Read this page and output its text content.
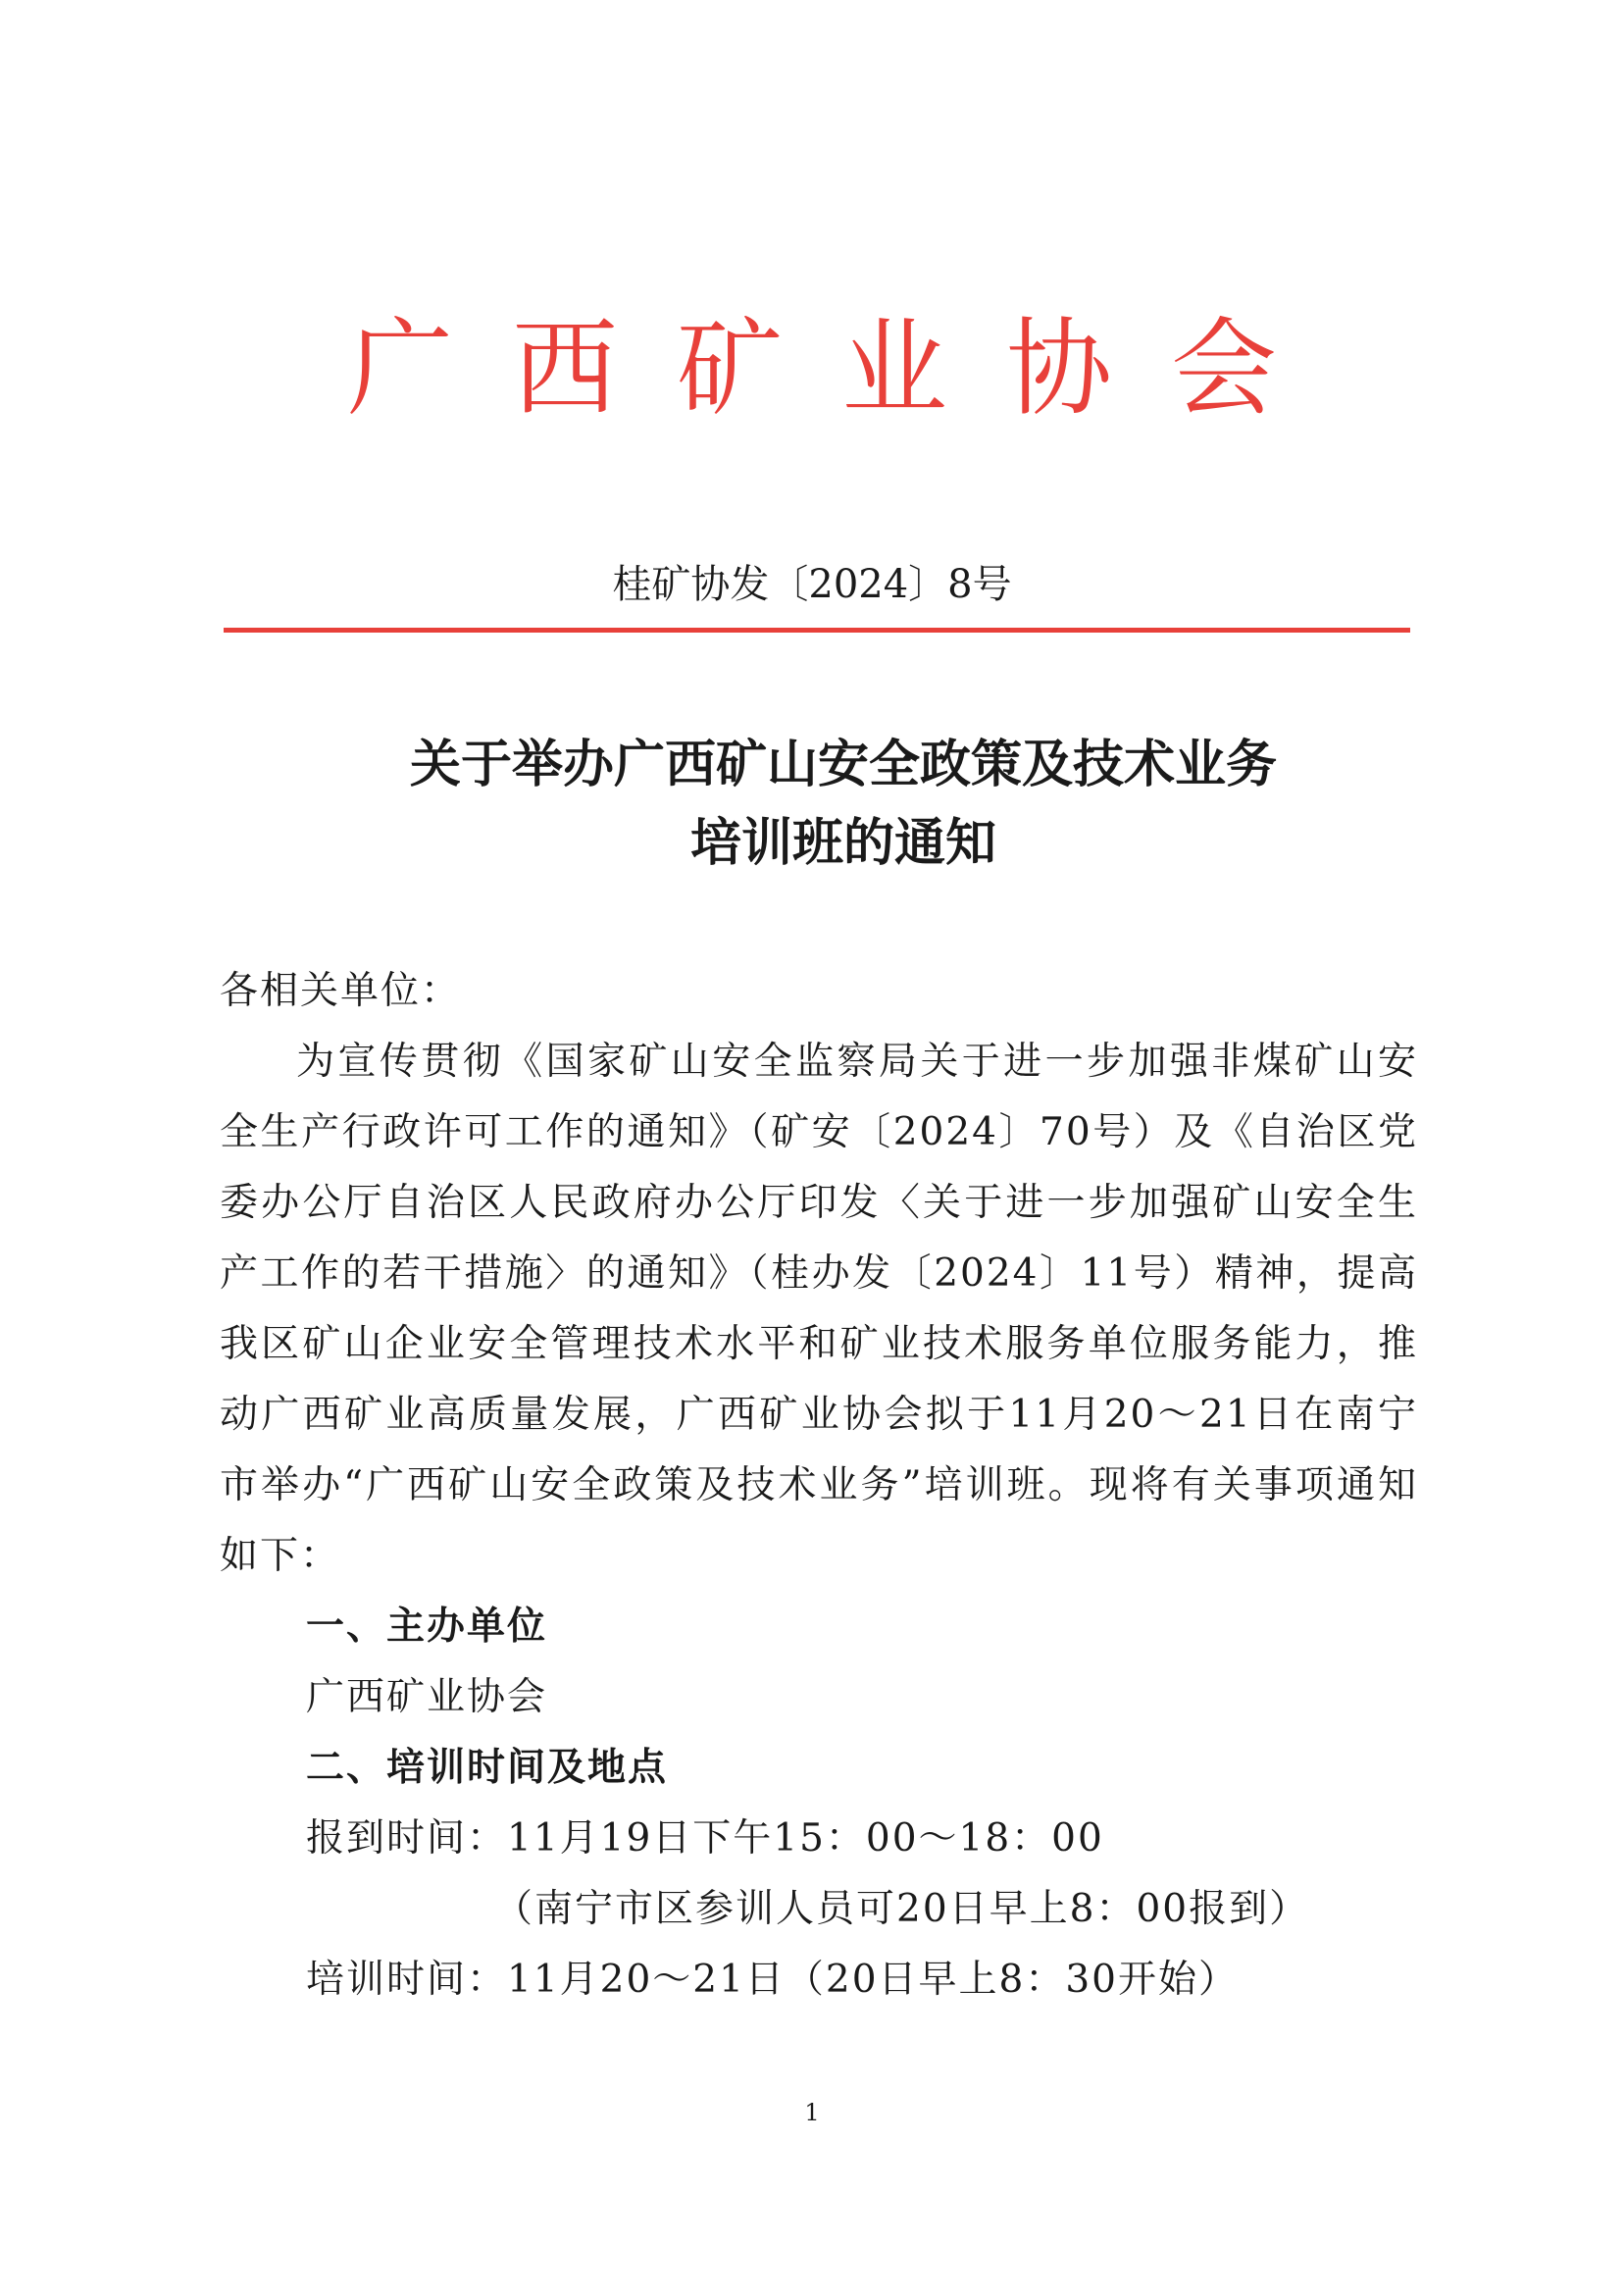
广西矿业协会
桂矿协发〔2024〕8号
关于举办广西矿山安全政策及技术业务
培训班的通知

各相关单位：

为宣传贯彻《国家矿山安全监察局关于进一步加强非煤矿山安全生产行政许可工作的通知》（矿安〔2024〕70号）及《自治区党委办公厅自治区人民政府办公厅印发〈关于进一步加强矿山安全生产工作的若干措施〉的通知》（桂办发〔2024〕11号）精神，提高我区矿山企业安全管理技术水平和矿业技术服务单位服务能力，推动广西矿业高质量发展，广西矿业协会拟于11月20～21日在南宁市举办“广西矿山安全政策及技术业务”培训班。现将有关事项通知如下：

一、主办单位

广西矿业协会

二、培训时间及地点

报到时间：11月19日下午15：00～18：00

（南宁市区参训人员可20日早上8：00报到）

培训时间：11月20～21日（20日早上8：30开始）

1
